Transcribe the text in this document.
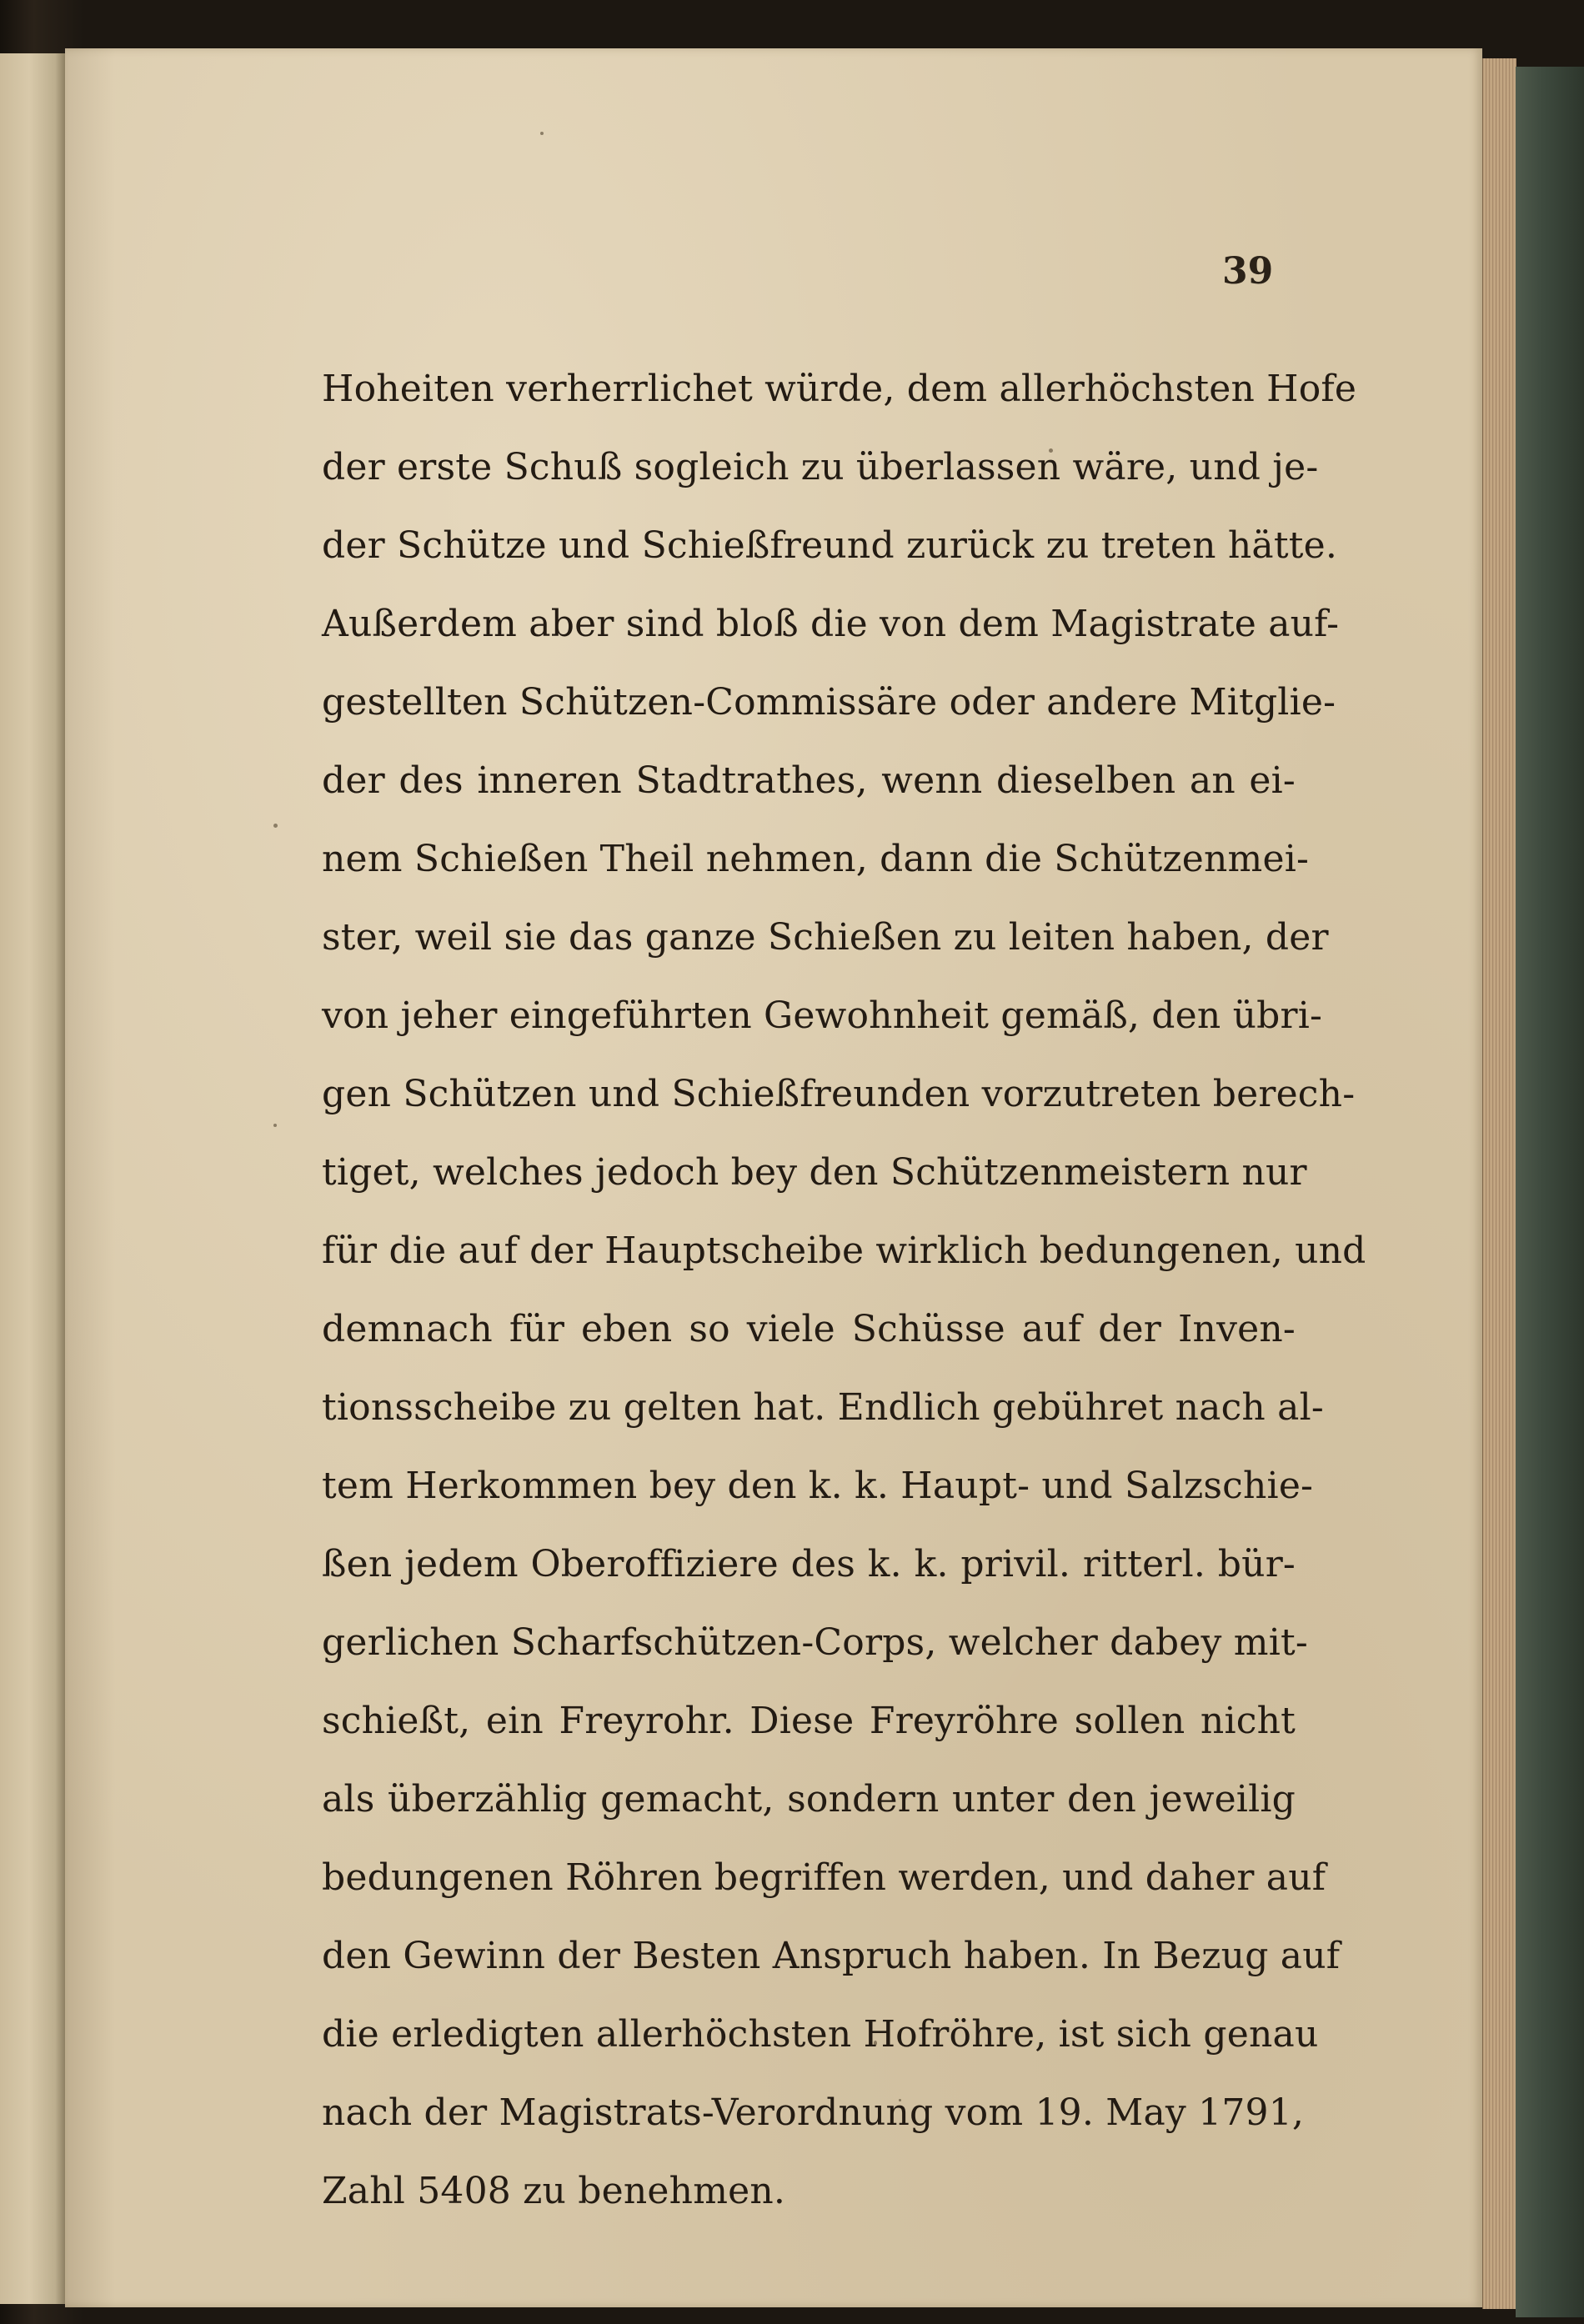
39
Hoheiten verherrlichet würde, dem allerhöchsten Hofe
der erste Schuß sogleich zu überlassen wäre, und je-
der Schütze und Schießfreund zurück zu treten hätte.
Außerdem aber sind bloß die von dem Magistrate auf-
gestellten Schützen-Commissäre oder andere Mitglie-
der des inneren Stadtrathes, wenn dieselben an ei-
nem Schießen Theil nehmen, dann die Schützenmei-
ster, weil sie das ganze Schießen zu leiten haben, der
von jeher eingeführten Gewohnheit gemäß, den übri-
gen Schützen und Schießfreunden vorzutreten berech-
tiget, welches jedoch bey den Schützenmeistern nur
für die auf der Hauptscheibe wirklich bedungenen, und
demnach für eben so viele Schüsse auf der Inven-
tionsscheibe zu gelten hat. Endlich gebühret nach al-
tem Herkommen bey den k. k. Haupt- und Salzschie-
ßen jedem Oberoffiziere des k. k. privil. ritterl. bür-
gerlichen Scharfschützen-Corps, welcher dabey mit-
schießt, ein Freyrohr. Diese Freyröhre sollen nicht
als überzählig gemacht, sondern unter den jeweilig
bedungenen Röhren begriffen werden, und daher auf
den Gewinn der Besten Anspruch haben. In Bezug auf
die erledigten allerhöchsten Hofröhre, ist sich genau
nach der Magistrats-Verordnung vom 19. May 1791,
Zahl 5408 zu benehmen.
